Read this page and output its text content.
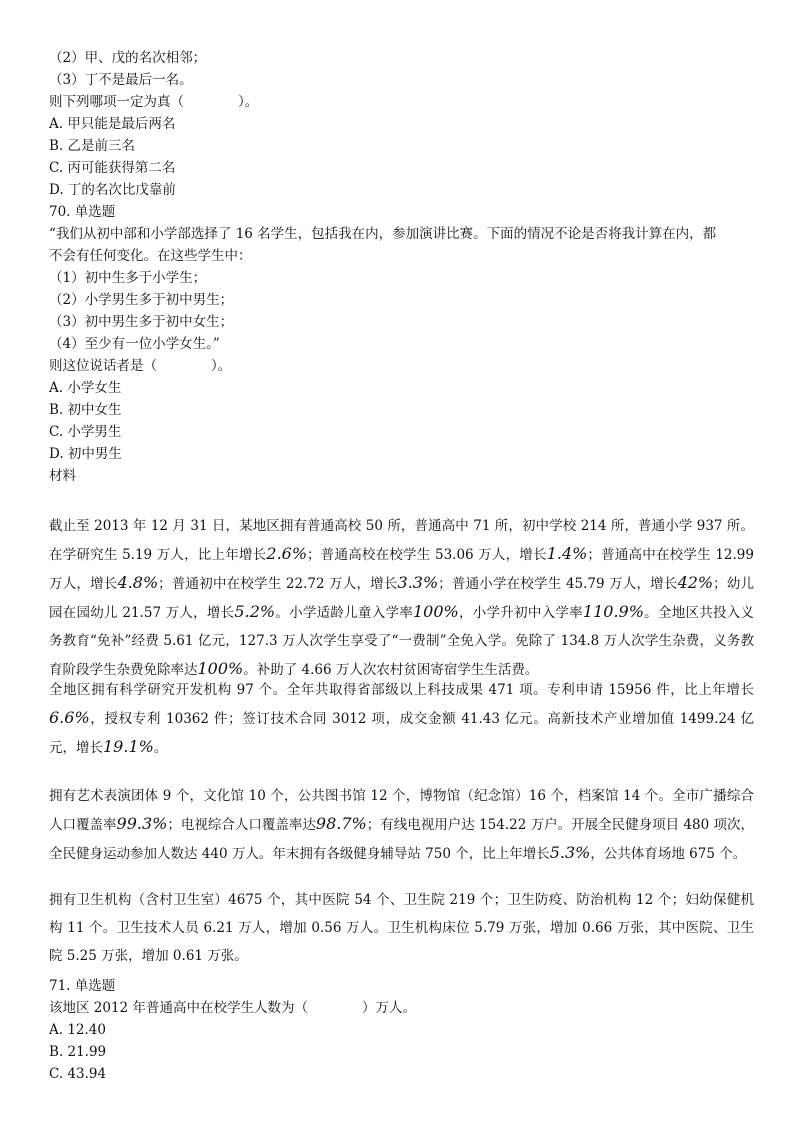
（2）甲、戊的名次相邻；
（3）丁不是最后一名。
则下列哪项一定为真（　　　　）。
A. 甲只能是最后两名
B. 乙是前三名
C. 丙可能获得第二名
D. 丁的名次比戊靠前
70. 单选题
“我们从初中部和小学部选择了 16 名学生，包括我在内，参加演讲比赛。下面的情况不论是否将我计算在内，都
不会有任何变化。在这些学生中：
（1）初中生多于小学生；
（2）小学男生多于初中男生；
（3）初中男生多于初中女生；
（4）至少有一位小学女生。”
则这位说话者是（　　　　）。
A. 小学女生
B. 初中女生
C. 小学男生
D. 初中男生
材料
截止至 2013 年 12 月 31 日，某地区拥有普通高校 50 所，普通高中 71 所，初中学校 214 所，普通小学 937 所。在学研究生 5.19 万人，比上年增长2.6%；普通高校在校学生 53.06 万人，增长1.4%；普通高中在校学生 12.99 万人，增长4.8%；普通初中在校学生 22.72 万人，增长3.3%；普通小学在校学生 45.79 万人，增长42%；幼儿园在园幼儿 21.57 万人，增长5.2%。小学适龄儿童入学率100%，小学升初中入学率110.9%。全地区共投入义务教育“免补”经费 5.61 亿元，127.3 万人次学生享受了“一费制”全免入学。免除了 134.8 万人次学生杂费，义务教育阶段学生杂费免除率达100%。补助了 4.66 万人次农村贫困寄宿学生生活费。
全地区拥有科学研究开发机构 97 个。全年共取得省部级以上科技成果 471 项。专利申请 15956 件，比上年增长6.6%，授权专利 10362 件；签订技术合同 3012 项，成交金额 41.43 亿元。高新技术产业增加值 1499.24 亿元，增长19.1%。
拥有艺术表演团体 9 个，文化馆 10 个，公共图书馆 12 个，博物馆（纪念馆）16 个，档案馆 14 个。全市广播综合人口覆盖率99.3%；电视综合人口覆盖率达98.7%；有线电视用户达 154.22 万户。开展全民健身项目 480 项次，全民健身运动参加人数达 440 万人。年末拥有各级健身辅导站 750 个，比上年增长5.3%，公共体育场地 675 个。
拥有卫生机构（含村卫生室）4675 个，其中医院 54 个、卫生院 219 个；卫生防疫、防治机构 12 个；妇幼保健机构 11 个。卫生技术人员 6.21 万人，增加 0.56 万人。卫生机构床位 5.79 万张，增加 0.66 万张，其中医院、卫生院 5.25 万张，增加 0.61 万张。
71. 单选题
该地区 2012 年普通高中在校学生人数为（　　　　）万人。
A. 12.40
B. 21.99
C. 43.94
